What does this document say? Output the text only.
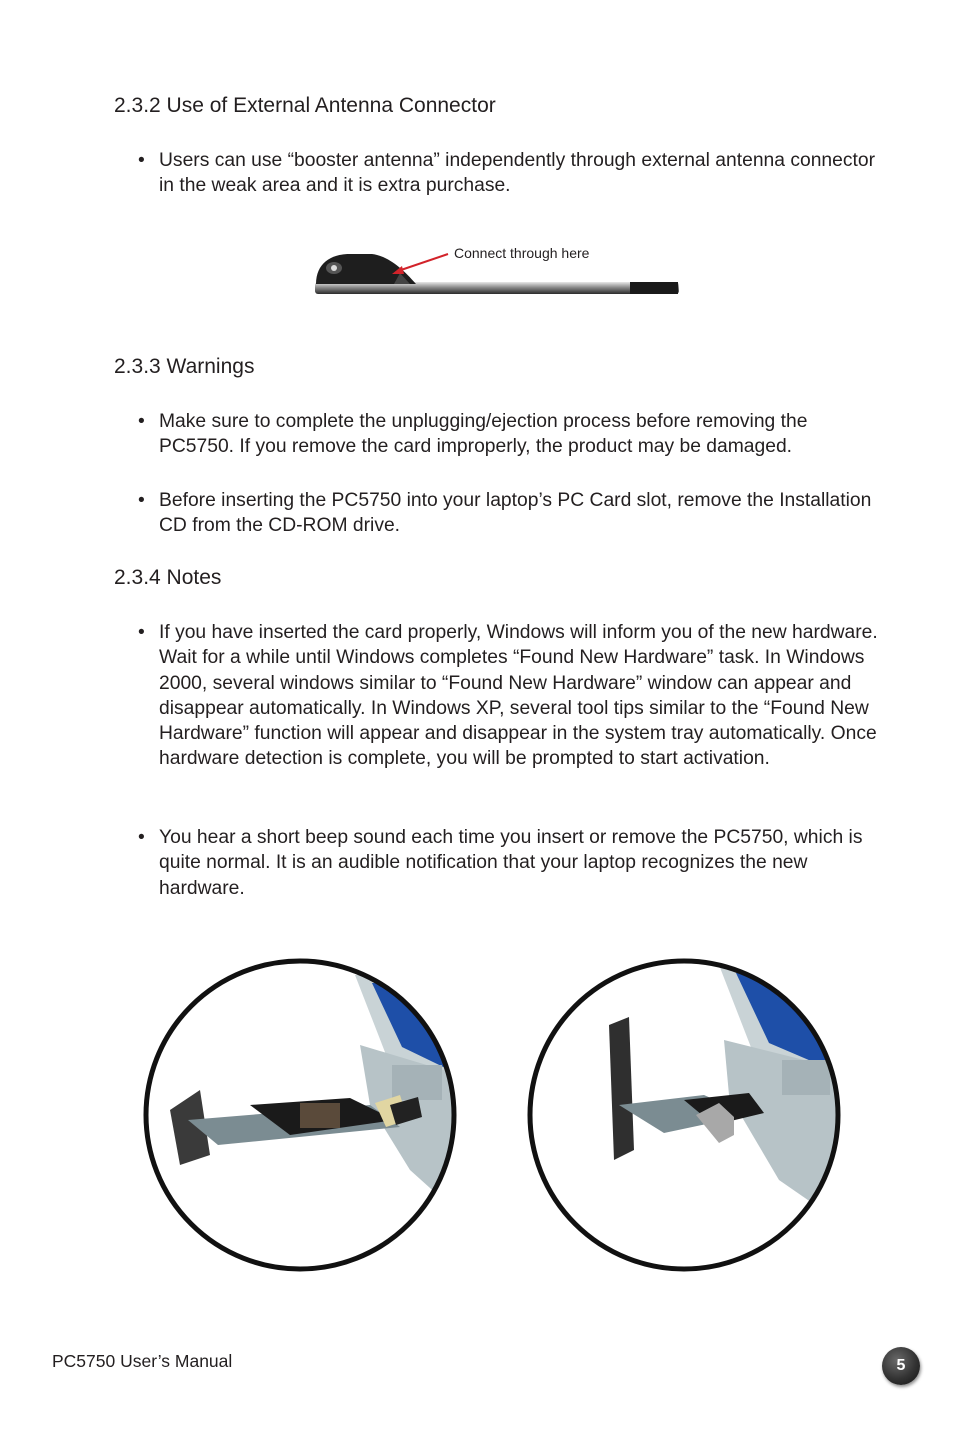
2.3.2 Use of External Antenna Connector
• Users can use “booster antenna” independently through external antenna connector in the weak area and it is extra purchase.
Connect through here
2.3.3 Warnings
• Make sure to complete the unplugging/ejection process before removing the PC5750. If you remove the card improperly, the product may be damaged.
• Before inserting the PC5750 into your laptop’s PC Card slot, remove the Installation CD from the CD-ROM drive.
2.3.4 Notes
• If you have inserted the card properly, Windows will inform you of the new hardware. Wait for a while until Windows completes “Found New Hardware” task. In Windows 2000, several windows similar to “Found New Hardware” window can appear and disappear automatically. In Windows XP, several tool tips similar to the “Found New Hardware” function will appear and disappear in the system tray automatically. Once hardware detection is complete, you will be prompted to start activation.
• You hear a short beep sound each time you insert or remove the PC5750, which is quite normal. It is an audible notification that your laptop recognizes the new hardware.
PC5750 User’s Manual	5
